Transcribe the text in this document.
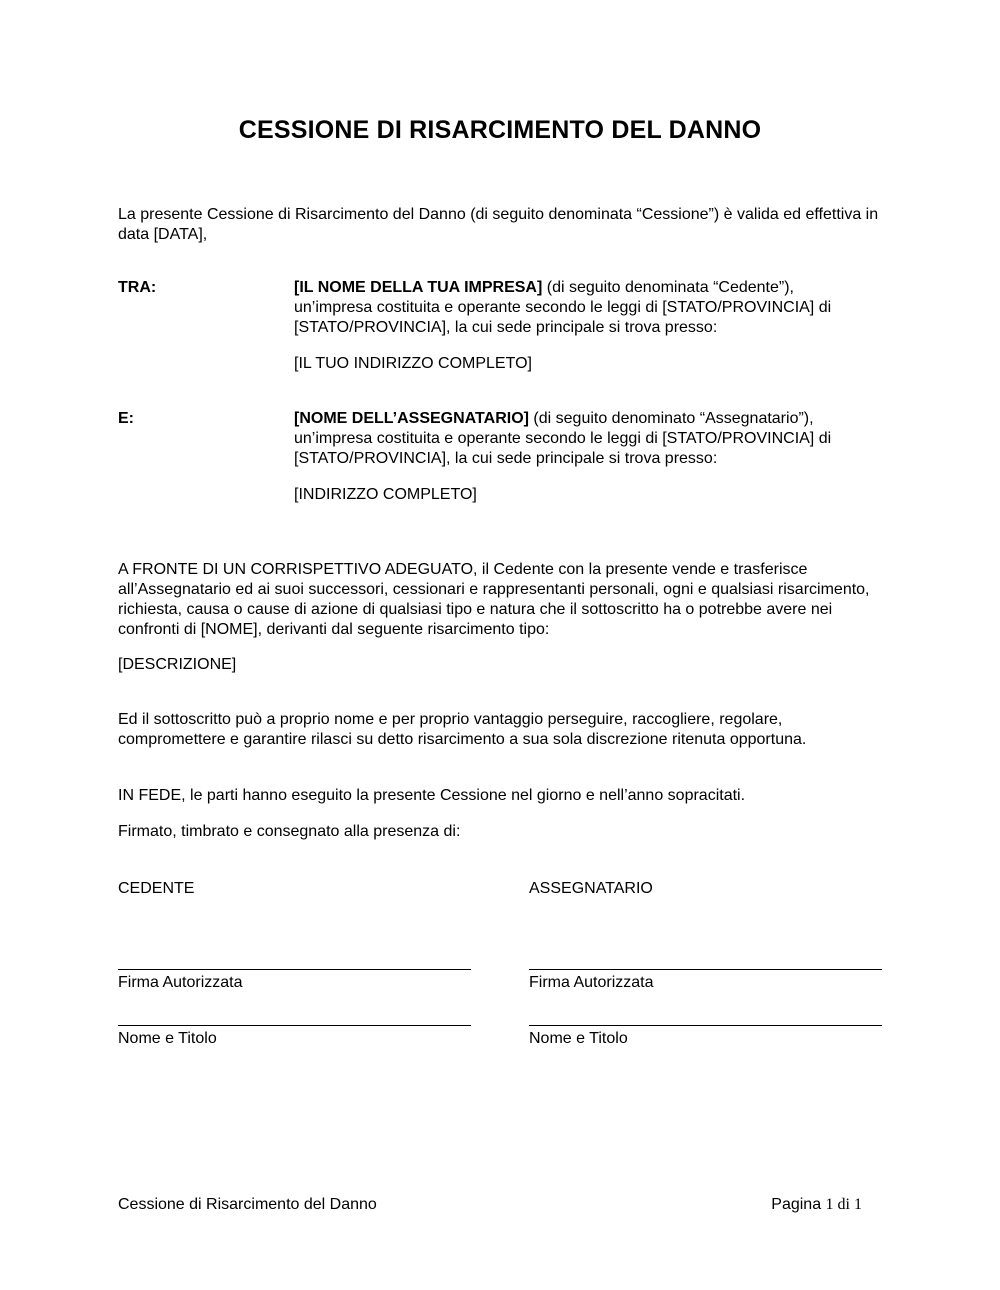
CESSIONE DI RISARCIMENTO DEL DANNO
La presente Cessione di Risarcimento del Danno (di seguito denominata “Cessione”) è valida ed effettiva in data [DATA],
TRA:	[IL NOME DELLA TUA IMPRESA] (di seguito denominata “Cedente”), un’impresa costituita e operante secondo le leggi di [STATO/PROVINCIA] di [STATO/PROVINCIA], la cui sede principale si trova presso:
[IL TUO INDIRIZZO COMPLETO]
E:	[NOME DELL’ASSEGNATARIO] (di seguito denominato “Assegnatario”), un’impresa costituita e operante secondo le leggi di [STATO/PROVINCIA] di [STATO/PROVINCIA], la cui sede principale si trova presso:
[INDIRIZZO COMPLETO]
A FRONTE DI UN CORRISPETTIVO ADEGUATO, il Cedente con la presente vende e trasferisce all’Assegnatario ed ai suoi successori, cessionari e rappresentanti personali, ogni e qualsiasi risarcimento, richiesta, causa o cause di azione di qualsiasi tipo e natura che il sottoscritto ha o potrebbe avere nei confronti di [NOME], derivanti dal seguente risarcimento tipo:
[DESCRIZIONE]
Ed il sottoscritto può a proprio nome e per proprio vantaggio perseguire, raccogliere, regolare, compromettere e garantire rilasci su detto risarcimento a sua sola discrezione ritenuta opportuna.
IN FEDE, le parti hanno eseguito la presente Cessione nel giorno e nell’anno sopracitati.
Firmato, timbrato e consegnato alla presenza di:
CEDENTE
Firma Autorizzata
Nome e Titolo
ASSEGNATARIO
Firma Autorizzata
Nome e Titolo
Cessione di Risarcimento del Danno	Pagina 1 di 1
